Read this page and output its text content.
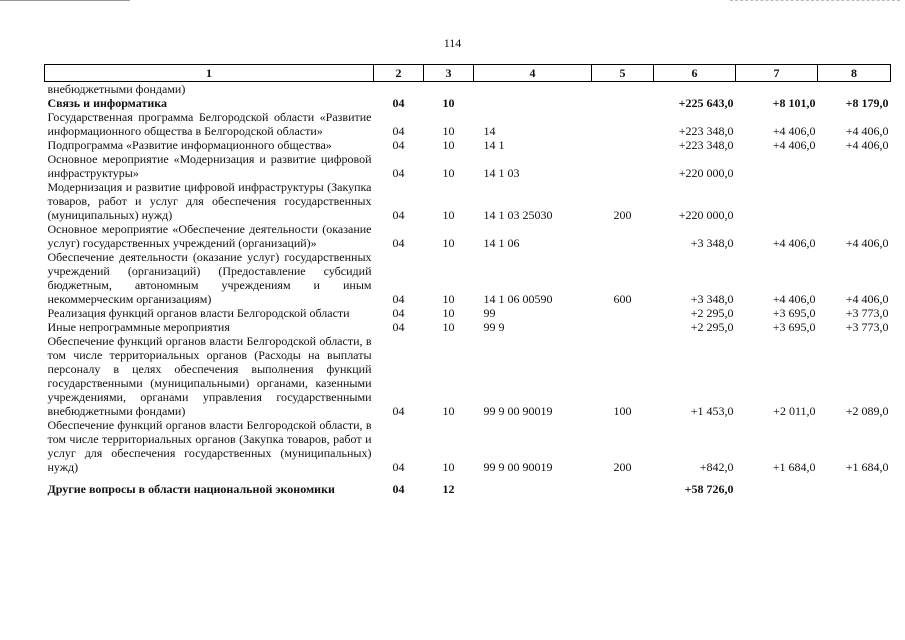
114
1	2	3	4	5	6	7	8
внебюджетными фондами)							
Связь и информатика	04	10			+225 643,0	+8 101,0	+8 179,0
Государственная программа Белгородской области «Развитие информационного общества в Белгородской области»	04	10	14		+223 348,0	+4 406,0	+4 406,0
Подпрограмма «Развитие информационного общества»	04	10	14 1		+223 348,0	+4 406,0	+4 406,0
Основное мероприятие «Модернизация и развитие цифровой инфраструктуры»	04	10	14 1 03		+220 000,0		
Модернизация и развитие цифровой инфраструктуры (Закупка товаров, работ и услуг для обеспечения государственных (муниципальных) нужд)	04	10	14 1 03 25030	200	+220 000,0		
Основное мероприятие «Обеспечение деятельности (оказание услуг) государственных учреждений (организаций)»	04	10	14 1 06		+3 348,0	+4 406,0	+4 406,0
Обеспечение деятельности (оказание услуг) государственных учреждений (организаций) (Предоставление субсидий бюджетным, автономным учреждениям и иным некоммерческим организациям)	04	10	14 1 06 00590	600	+3 348,0	+4 406,0	+4 406,0
Реализация функций органов власти Белгородской области	04	10	99		+2 295,0	+3 695,0	+3 773,0
Иные непрограммные мероприятия	04	10	99 9		+2 295,0	+3 695,0	+3 773,0
Обеспечение функций органов власти Белгородской области, в том числе территориальных органов (Расходы на выплаты персоналу в целях обеспечения выполнения функций государственными (муниципальными) органами, казенными учреждениями, органами управления государственными внебюджетными фондами)	04	10	99 9 00 90019	100	+1 453,0	+2 011,0	+2 089,0
Обеспечение функций органов власти Белгородской области, в том числе территориальных органов (Закупка товаров, работ и услуг для обеспечения государственных (муниципальных) нужд)	04	10	99 9 00 90019	200	+842,0	+1 684,0	+1 684,0

Другие вопросы в области национальной экономики	04	12			+58 726,0		
